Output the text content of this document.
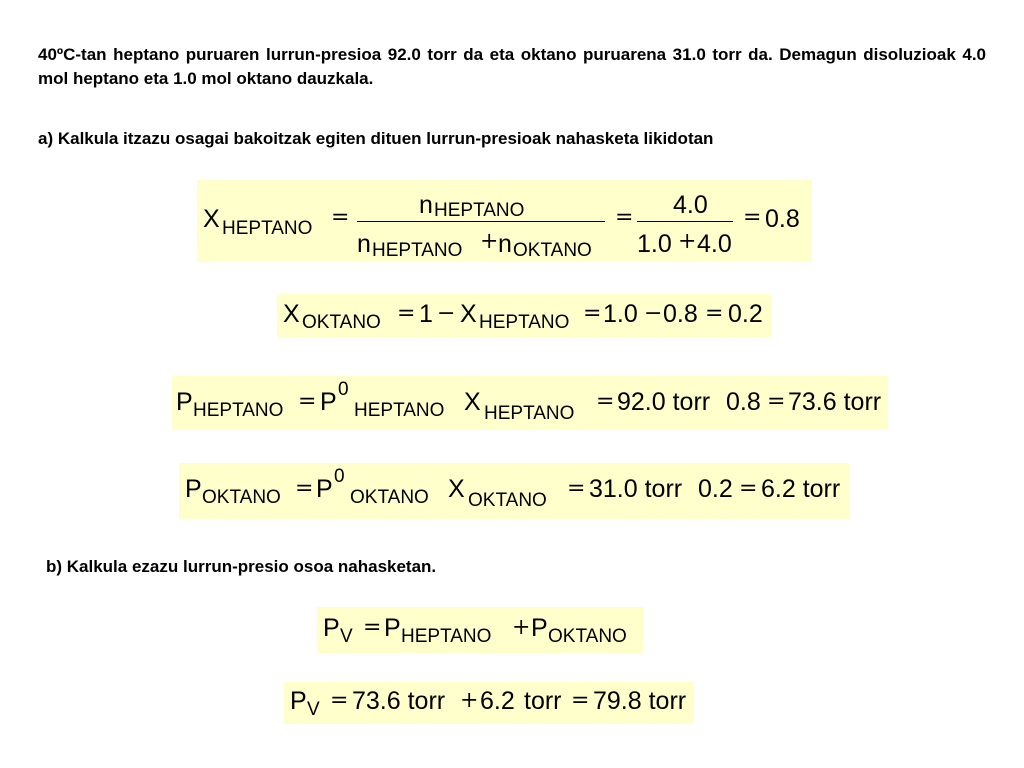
40ºC-tan heptano puruaren lurrun-presioa 92.0 torr da eta oktano puruarena 31.0 torr da. Demagun disoluzioak 4.0 mol heptano eta 1.0 mol oktano dauzkala.

a) Kalkula itzazu osagai bakoitzak egiten dituen lurrun-presioak nahasketa likidotan

X HEPTANO =	n HEPTANO
n HEPTANO + n OKTANO
= 4.0
1.0 + 4.0
= 0.8
X OKTANO = 1 − X HEPTANO = 1.0 − 0.8 = 0.2
P HEPTANO = P 0
HEPTANO X HEPTANO = 92.0 torr 0.8 = 73.6 torr
P OKTANO = P 0
OKTANO X OKTANO = 31.0 torr 0.2 = 6.2 torr

b) Kalkula ezazu lurrun-presio osoa nahasketan.

P V = P HEPTANO + P OKTANO
P V = 73.6 torr + 6.2 torr = 79.8 torr
